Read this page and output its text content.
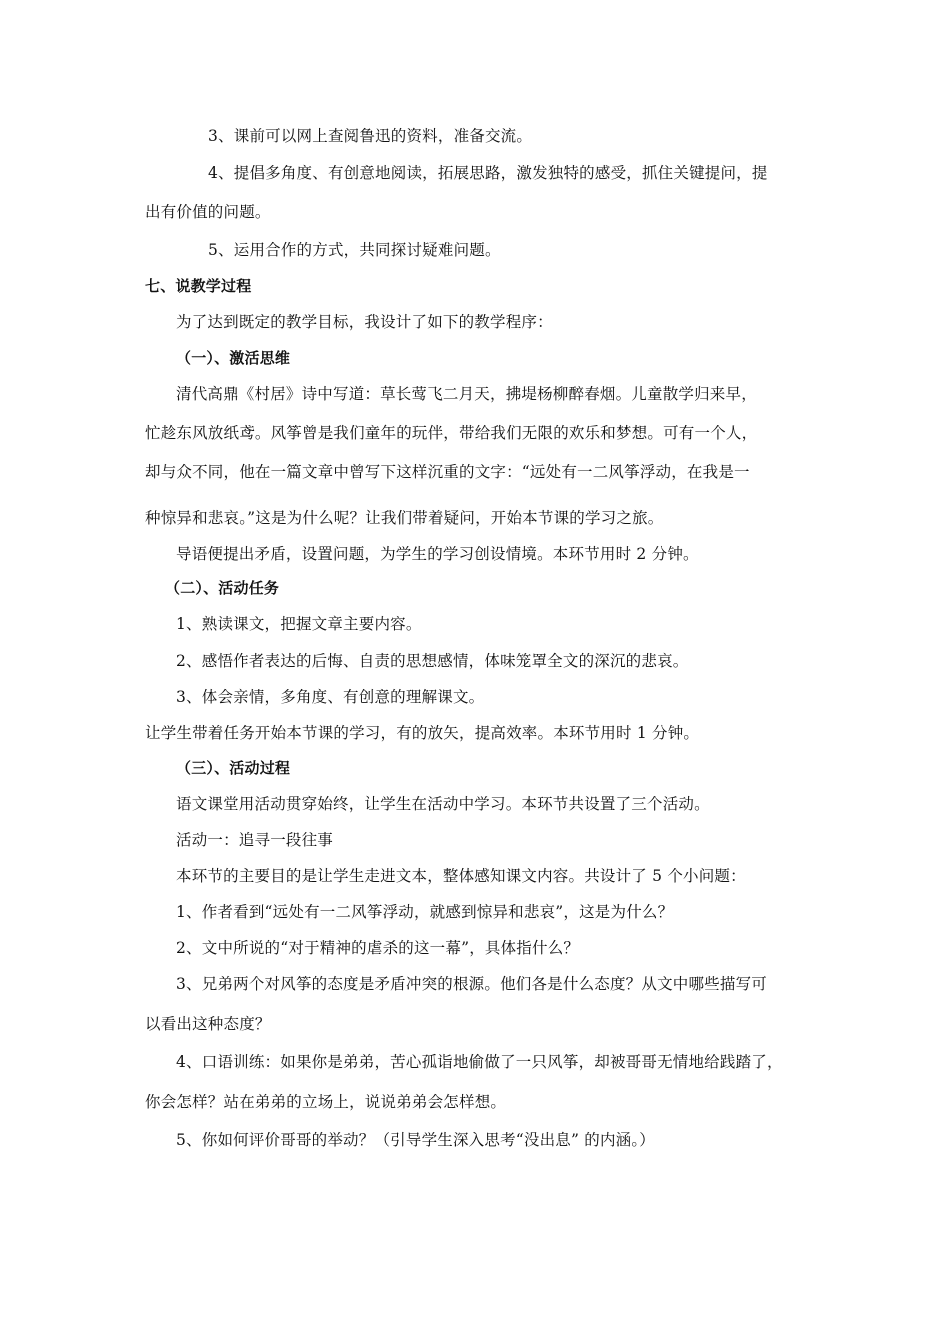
3、课前可以网上查阅鲁迅的资料，准备交流。
4、提倡多角度、有创意地阅读，拓展思路，激发独特的感受，抓住关键提问，提
出有价值的问题。
5、运用合作的方式，共同探讨疑难问题。
七、说教学过程
为了达到既定的教学目标，我设计了如下的教学程序：
（一）、激活思维
清代高鼎《村居》诗中写道：草长莺飞二月天，拂堤杨柳醉春烟。儿童散学归来早，
忙趁东风放纸鸢。风筝曾是我们童年的玩伴，带给我们无限的欢乐和梦想。可有一个人，
却与众不同，他在一篇文章中曾写下这样沉重的文字：“远处有一二风筝浮动，在我是一
种惊异和悲哀。”这是为什么呢？让我们带着疑问，开始本节课的学习之旅。
导语便提出矛盾，设置问题，为学生的学习创设情境。本环节用时 2 分钟。
（二）、活动任务
1、熟读课文，把握文章主要内容。
2、感悟作者表达的后悔、自责的思想感情，体味笼罩全文的深沉的悲哀。
3、体会亲情，多角度、有创意的理解课文。
让学生带着任务开始本节课的学习，有的放矢，提高效率。本环节用时 1 分钟。
（三）、活动过程
语文课堂用活动贯穿始终，让学生在活动中学习。本环节共设置了三个活动。
活动一：追寻一段往事
本环节的主要目的是让学生走进文本，整体感知课文内容。共设计了 5 个小问题：
1、作者看到“远处有一二风筝浮动，就感到惊异和悲哀”，这是为什么？
2、文中所说的“对于精神的虐杀的这一幕”，具体指什么？
3、兄弟两个对风筝的态度是矛盾冲突的根源。他们各是什么态度？从文中哪些描写可
以看出这种态度？
4、口语训练：如果你是弟弟，苦心孤诣地偷做了一只风筝，却被哥哥无情地给践踏了，
你会怎样？站在弟弟的立场上，说说弟弟会怎样想。
5、你如何评价哥哥的举动？（引导学生深入思考“没出息” 的内涵。）
